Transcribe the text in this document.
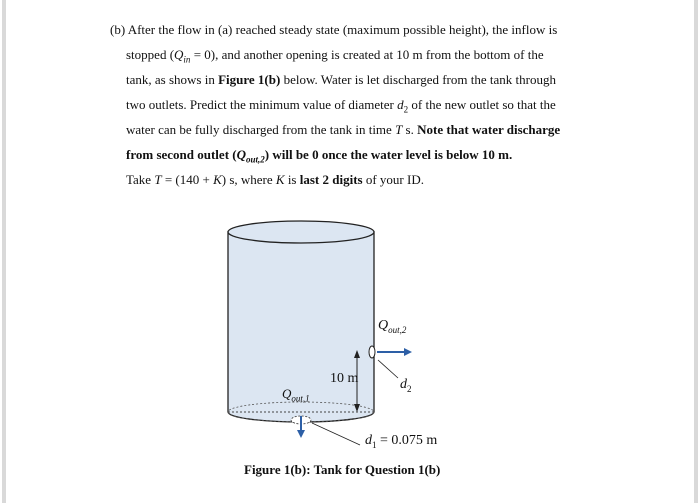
(b) After the flow in (a) reached steady state (maximum possible height), the inflow is
stopped $(Q_{in} = 0)$, and another opening is created at 10 m from the bottom of the
tank, as shows in Figure 1(b) below. Water is let discharged from the tank through
two outlets. Predict the minimum value of diameter $d_2$ of the new outlet so that the
water can be fully discharged from the tank in time T s. Note that water discharge
from second outlet $(Q_{out,2})$ will be 0 once the water level is below 10 m.
Take T = (140 + K) s, where K is last 2 digits of your ID.
$Q_{out,2}$
10 m	$d_2$
$Q_{out,1}$
$d_1 = 0.075$ m
Figure 1(b): Tank for Question 1(b)
